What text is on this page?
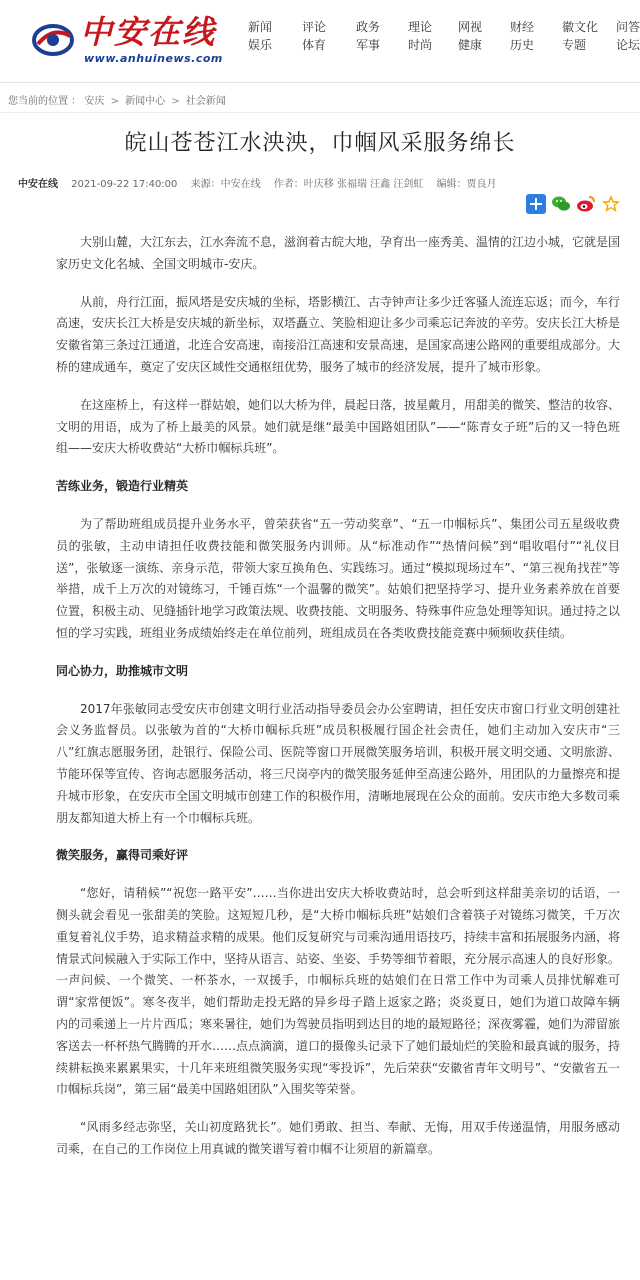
中安在线
www.anhuinews.com
新闻
娱乐
评论
体育
政务
军事
理论
时尚
网视
健康
财经
历史
徽文化
专题
问答
论坛
您当前的位置 ： 安庆 > 新闻中心 > 社会新闻
皖山苍苍江水泱泱，巾帼风采服务绵长
中安在线 2021-09-22 17:40:00 来源：中安在线 作者：叶庆移 张福瑞 汪鑫 汪剑虹 编辑：贾良月

大别山麓，大江东去，江水奔流不息，滋润着古皖大地，孕育出一座秀美、温情的江边小城，它就是国家历史文化名城、全国文明城市-安庆。

从前，舟行江面，振风塔是安庆城的坐标，塔影横江、古寺钟声让多少迁客骚人流连忘返；而今，车行高速，安庆长江大桥是安庆城的新坐标，双塔矗立、笑脸相迎让多少司乘忘记奔波的辛劳。安庆长江大桥是安徽省第三条过江通道，北连合安高速，南接沿江高速和安景高速，是国家高速公路网的重要组成部分。大桥的建成通车，奠定了安庆区域性交通枢纽优势，服务了城市的经济发展，提升了城市形象。

在这座桥上，有这样一群姑娘，她们以大桥为伴，晨起日落，披星戴月，用甜美的微笑、整洁的妆容、文明的用语，成为了桥上最美的风景。她们就是继“最美中国路姐团队”——“陈青女子班”后的又一特色班组——安庆大桥收费站“大桥巾帼标兵班”。

苦练业务，锻造行业精英

为了帮助班组成员提升业务水平，曾荣获省“五一劳动奖章”、“五一巾帼标兵”、集团公司五星级收费员的张敏，主动申请担任收费技能和微笑服务内训师。从“标准动作”“热情问候”到“唱收唱付”“礼仪目送”，张敏逐一演练、亲身示范，带领大家互换角色、实践练习。通过“模拟现场过车”、“第三视角找茬”等举措，成千上万次的对镜练习，千锤百炼“一个温馨的微笑”。姑娘们把坚持学习、提升业务素养放在首要位置，积极主动、见缝插针地学习政策法规、收费技能、文明服务、特殊事件应急处理等知识。通过持之以恒的学习实践，班组业务成绩始终走在单位前列，班组成员在各类收费技能竞赛中频频收获佳绩。

同心协力，助推城市文明

2017年张敏同志受安庆市创建文明行业活动指导委员会办公室聘请，担任安庆市窗口行业文明创建社会义务监督员。以张敏为首的“大桥巾帼标兵班”成员积极履行国企社会责任，她们主动加入安庆市“三八”红旗志愿服务团，赴银行、保险公司、医院等窗口开展微笑服务培训，积极开展文明交通、文明旅游、节能环保等宣传、咨询志愿服务活动，将三尺岗亭内的微笑服务延伸至高速公路外，用团队的力量擦亮和提升城市形象，在安庆市全国文明城市创建工作的积极作用，清晰地展现在公众的面前。安庆市绝大多数司乘朋友都知道大桥上有一个巾帼标兵班。

微笑服务，赢得司乘好评

“您好，请稍候”“祝您一路平安”……当你进出安庆大桥收费站时，总会听到这样甜美亲切的话语，一侧头就会看见一张甜美的笑脸。这短短几秒，是“大桥巾帼标兵班”姑娘们含着筷子对镜练习微笑，千万次重复着礼仪手势，追求精益求精的成果。他们反复研究与司乘沟通用语技巧，持续丰富和拓展服务内涵，将情景式问候融入于实际工作中，坚持从语言、站姿、坐姿、手势等细节着眼，充分展示高速人的良好形象。一声问候、一个微笑、一杯茶水，一双援手，巾帼标兵班的姑娘们在日常工作中为司乘人员排忧解难可谓“家常便饭”。寒冬夜半，她们帮助走投无路的异乡母子踏上返家之路；炎炎夏日，她们为道口故障车辆内的司乘递上一片片西瓜；寒来暑往，她们为驾驶员指明到达目的地的最短路径；深夜雾霾，她们为滞留旅客送去一杯杯热气腾腾的开水……点点滴滴，道口的摄像头记录下了她们最灿烂的笑脸和最真诚的服务，持续耕耘换来累累果实，十几年来班组微笑服务实现“零投诉”，先后荣获“安徽省青年文明号”、“安徽省五一巾帼标兵岗”，第三届“最美中国路姐团队”入围奖等荣誉。

“风雨多经志弥坚，关山初度路犹长”。她们勇敢、担当、奉献、无悔，用双手传递温情，用服务感动司乘，在自己的工作岗位上用真诚的微笑谱写着巾帼不让须眉的新篇章。
